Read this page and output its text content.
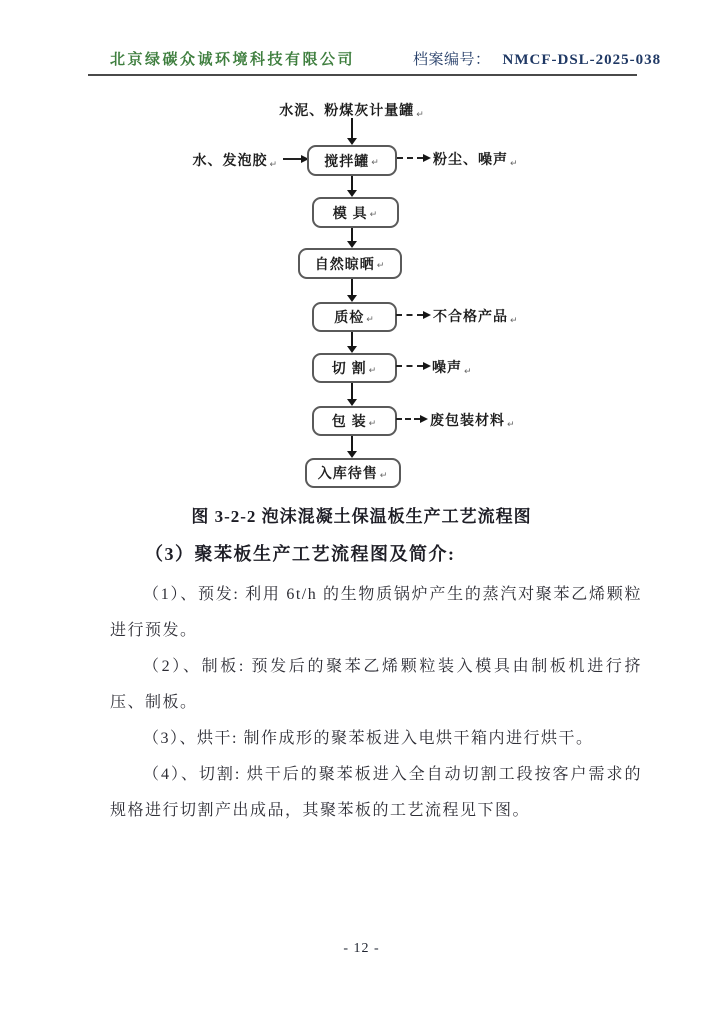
北京绿碳众诚环境科技有限公司	档案编号： NMCF-DSL-2025-038
水泥、粉煤灰计量罐 ↵
水、发泡胶 ↵	搅拌罐 ↵
模 具 ↵
自然晾晒 ↵
质检 ↵
切 割 ↵
包 装 ↵
入库待售 ↵
粉尘、噪声 ↵
不合格产品 ↵
噪声 ↵
废包装材料 ↵
图 3-2-2 泡沫混凝土保温板生产工艺流程图
（3）聚苯板生产工艺流程图及简介:

（1）、预发: 利用 6t/h 的生物质锅炉产生的蒸汽对聚苯乙烯颗粒进行预发。

（2）、制板: 预发后的聚苯乙烯颗粒装入模具由制板机进行挤压、制板。

（3）、烘干: 制作成形的聚苯板进入电烘干箱内进行烘干。

（4）、切割: 烘干后的聚苯板进入全自动切割工段按客户需求的规格进行切割产出成品，其聚苯板的工艺流程见下图。

- 12 -
